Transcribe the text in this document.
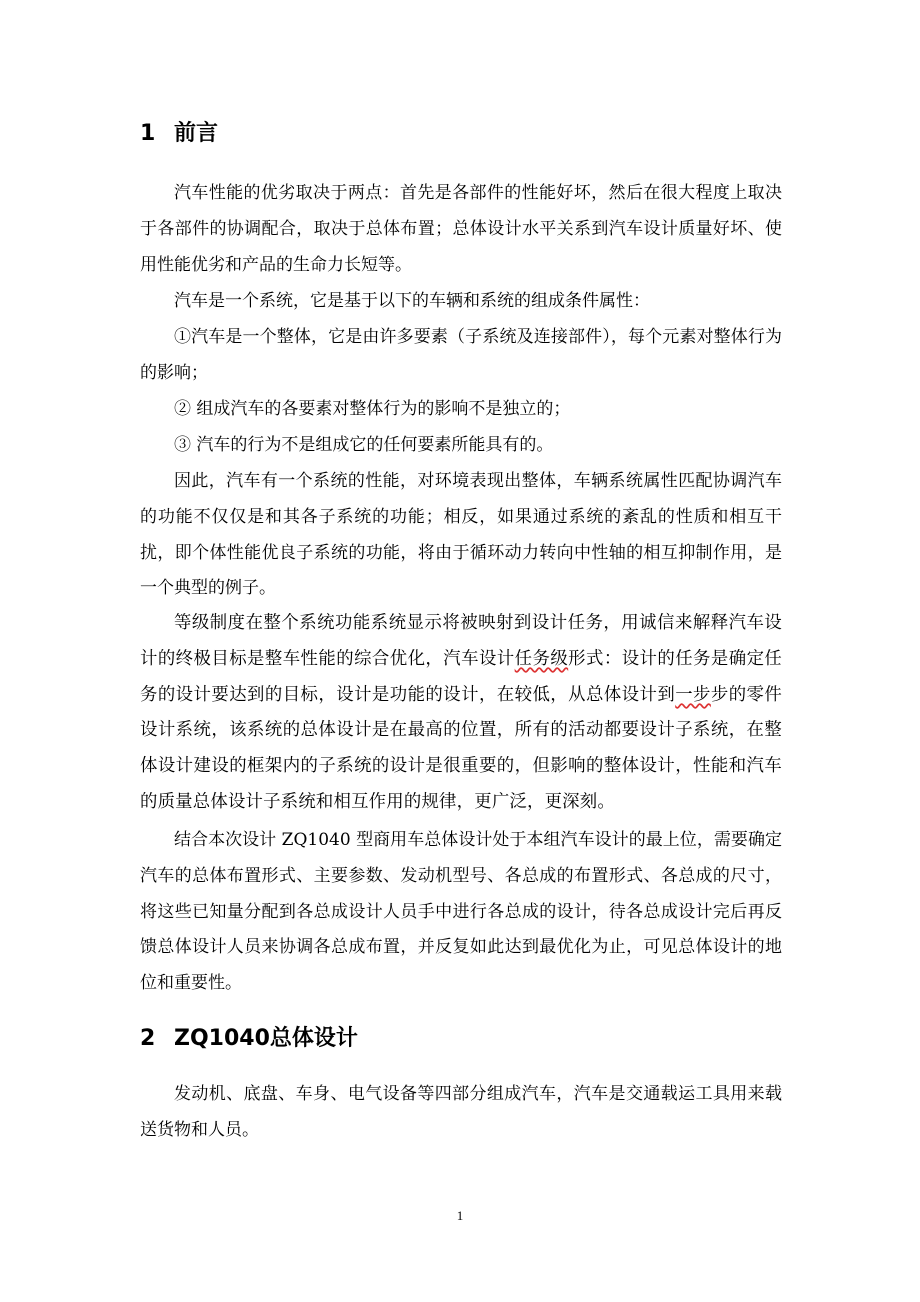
1 前言

汽车性能的优劣取决于两点：首先是各部件的性能好坏，然后在很大程度上取决于各部件的协调配合，取决于总体布置；总体设计水平关系到汽车设计质量好坏、使用性能优劣和产品的生命力长短等。

汽车是一个系统，它是基于以下的车辆和系统的组成条件属性：

①汽车是一个整体，它是由许多要素（子系统及连接部件），每个元素对整体行为的影响；

② 组成汽车的各要素对整体行为的影响不是独立的；

③ 汽车的行为不是组成它的任何要素所能具有的。

因此，汽车有一个系统的性能，对环境表现出整体，车辆系统属性匹配协调汽车的功能不仅仅是和其各子系统的功能；相反，如果通过系统的紊乱的性质和相互干扰，即个体性能优良子系统的功能，将由于循环动力转向中性轴的相互抑制作用，是一个典型的例子。

等级制度在整个系统功能系统显示将被映射到设计任务，用诚信来解释汽车设计的终极目标是整车性能的综合优化，汽车设计任务级形式：设计的任务是确定任务的设计要达到的目标，设计是功能的设计，在较低，从总体设计到一步步的零件设计系统，该系统的总体设计是在最高的位置，所有的活动都要设计子系统，在整体设计建设的框架内的子系统的设计是很重要的，但影响的整体设计，性能和汽车的质量总体设计子系统和相互作用的规律，更广泛，更深刻。

结合本次设计 ZQ1040 型商用车总体设计处于本组汽车设计的最上位，需要确定汽车的总体布置形式、主要参数、发动机型号、各总成的布置形式、各总成的尺寸，将这些已知量分配到各总成设计人员手中进行各总成的设计，待各总成设计完后再反馈总体设计人员来协调各总成布置，并反复如此达到最优化为止，可见总体设计的地位和重要性。

2 ZQ1040总体设计

发动机、底盘、车身、电气设备等四部分组成汽车，汽车是交通载运工具用来载送货物和人员。

1
